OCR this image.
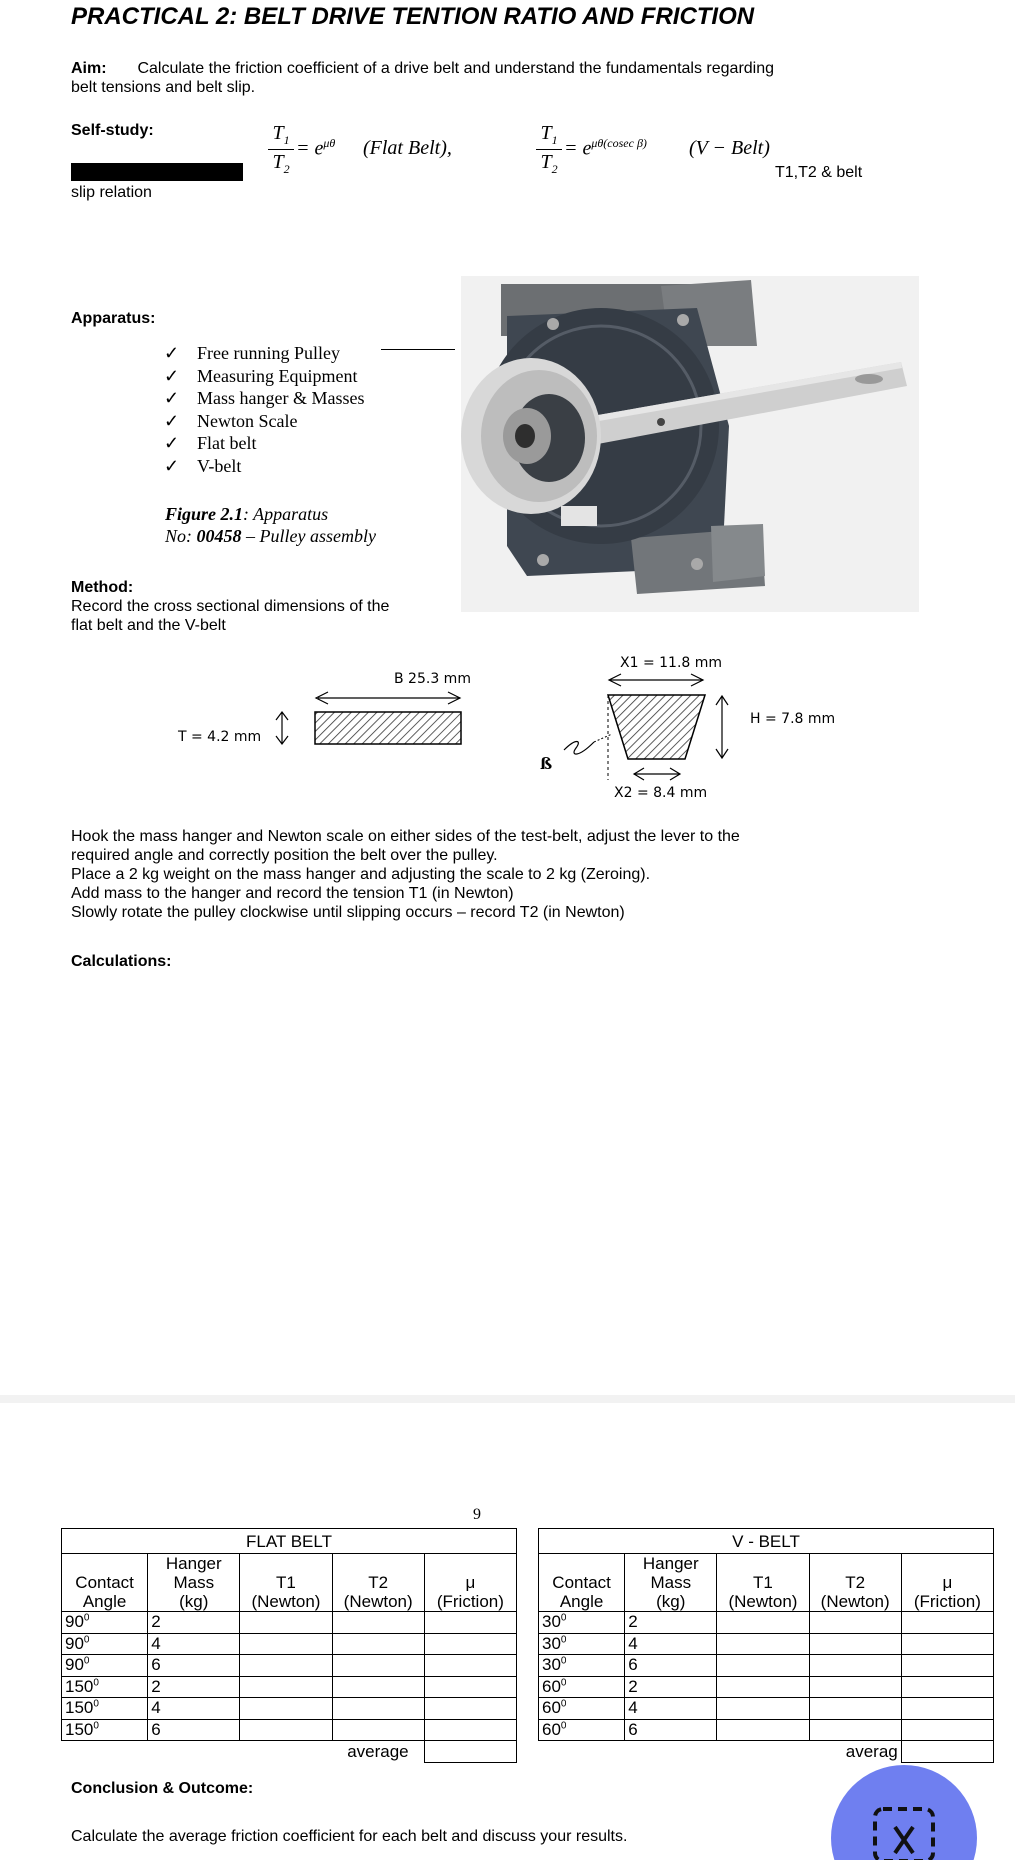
PRACTICAL 2: BELT DRIVE TENTION RATIO AND FRICTION
Aim: Calculate the friction coefficient of a drive belt and understand the fundamentals regarding
belt tensions and belt slip.
Self-study:
slip relation
T1,T2 & belt
$T_1$
$T_2$
= $e^{\mu\theta}$ (Flat Belt),
$T_1$
$T_2$
= $e^{\mu\theta(cosec \beta)}$ (V − Belt)
Apparatus:
✓ Free running Pulley
✓ Measuring Equipment
✓ Mass hanger & Masses
✓ Newton Scale
✓ Flat belt
✓ V-belt
Figure 2.1: Apparatus
No: 00458 – Pulley assembly
Method:
Record the cross sectional dimensions of the
flat belt and the V-belt
B 25.3 mm
T = 4.2 mm
X1 = 11.8 mm
H = 7.8 mm
X2 = 8.4 mm
ß
Hook the mass hanger and Newton scale on either sides of the test-belt, adjust the lever to the
required angle and correctly position the belt over the pulley.
Place a 2 kg weight on the mass hanger and adjusting the scale to 2 kg (Zeroing).
Add mass to the hanger and record the tension T1 (in Newton)
Slowly rotate the pulley clockwise until slipping occurs – record T2 (in Newton)
Calculations:
9
FLAT BELT				
Contact
Angle	Hanger
Mass
(kg)	T1
(Newton)	T2
(Newton)	μ
(Friction)
$90^0$	2			
$90^0$	4			
$90^0$	6			
$150^0$	2			
$150^0$	4			
$150^0$	6			
			average	
V - BELT				
Contact
Angle	Hanger
Mass
(kg)	T1
(Newton)	T2
(Newton)	μ
(Friction)
$30^0$	2			
$30^0$	4			
$30^0$	6			
$60^0$	2			
$60^0$	4			
$60^0$	6			
			averag	
Conclusion & Outcome:
Calculate the average friction coefficient for each belt and discuss your results.
